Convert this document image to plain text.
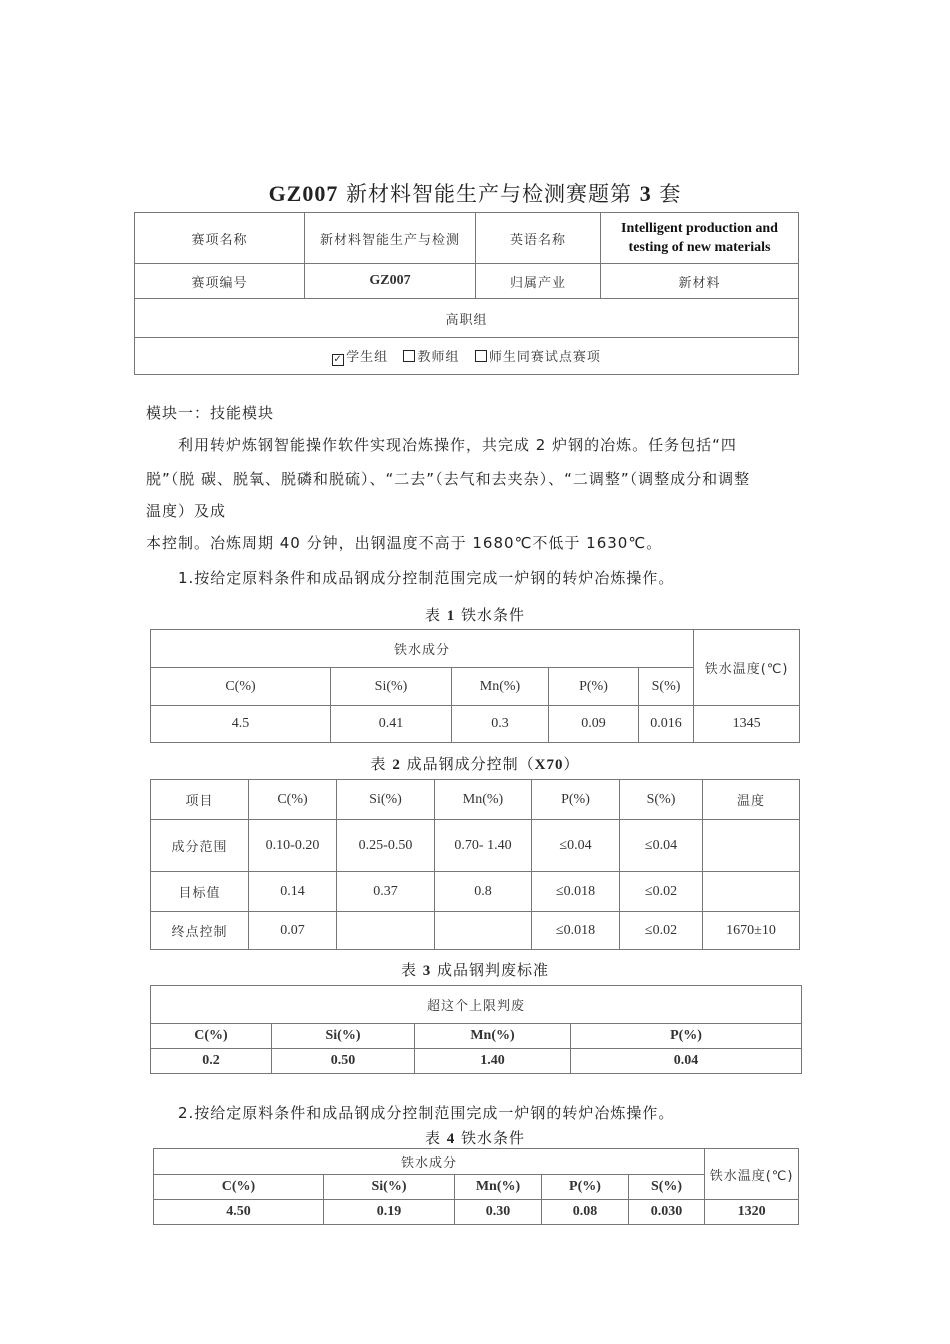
GZ007 新材料智能生产与检测赛题第 3 套
赛项名称	新材料智能生产与检测	英语名称	Intelligent production and testing of new materials
赛项编号	GZ007	归属产业	新材料
高职组			
✓ 学生组 教师组 师生同赛试点赛项			
模块一：技能模块
利用转炉炼钢智能操作软件实现冶炼操作，共完成 2 炉钢的冶炼。任务包括“四
脱”（脱 碳、脱氧、脱磷和脱硫）、“二去”（去气和去夹杂）、“二调整”（调整成分和调整
温度）及成
本控制。冶炼周期 40 分钟，出钢温度不高于 1680℃不低于 1630℃。
1.按给定原料条件和成品钢成分控制范围完成一炉钢的转炉冶炼操作。
表 1 铁水条件
铁水成分					铁水温度(℃)
C(%)	Si(%)	Mn(%)	P(%)	S(%)	
4.5	0.41	0.3	0.09	0.016	1345
表 2 成品钢成分控制（X70）
项目	C(%)	Si(%)	Mn(%)	P(%)	S(%)	温度
成分范围	0.10-0.20	0.25-0.50	0.70- 1.40	≤0.04	≤0.04	
目标值	0.14	0.37	0.8	≤0.018	≤0.02	
终点控制	0.07			≤0.018	≤0.02	1670±10
表 3 成品钢判废标准
超这个上限判废			
C(%)	Si(%)	Mn(%)	P(%)
0.2	0.50	1.40	0.04
2.按给定原料条件和成品钢成分控制范围完成一炉钢的转炉冶炼操作。
表 4 铁水条件
铁水成分					铁水温度(℃)
C(%)	Si(%)	Mn(%)	P(%)	S(%)	
4.50	0.19	0.30	0.08	0.030	1320
